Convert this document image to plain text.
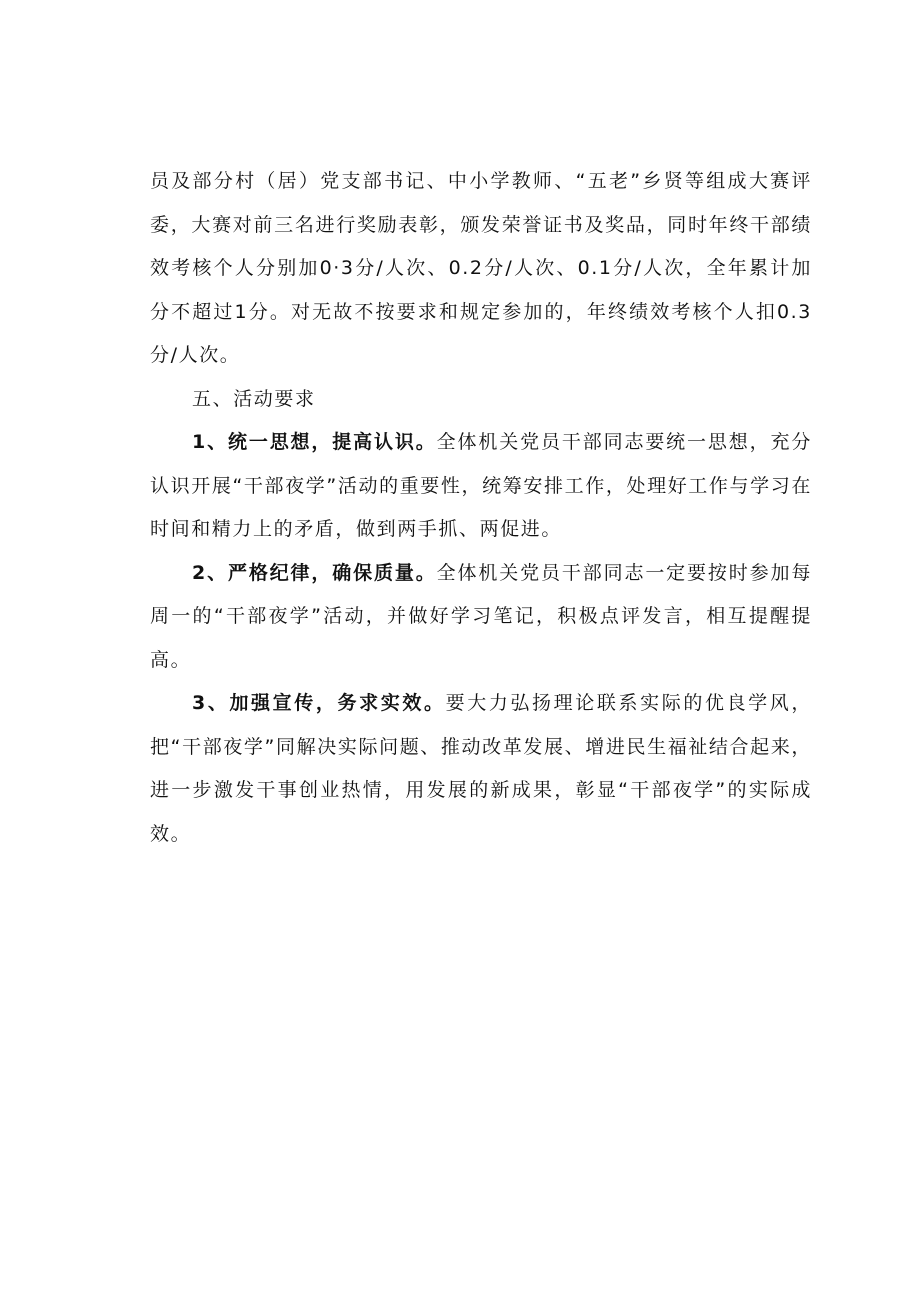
员及部分村（居）党支部书记、中小学教师、“五老”乡贤等组成大赛评委，大赛对前三名进行奖励表彰，颁发荣誉证书及奖品，同时年终干部绩效考核个人分别加0·3分/人次、0.2分/人次、0.1分/人次，全年累计加分不超过1分。对无故不按要求和规定参加的，年终绩效考核个人扣0.3分/人次。

五、活动要求

1、统一思想，提高认识。全体机关党员干部同志要统一思想，充分认识开展“干部夜学”活动的重要性，统筹安排工作，处理好工作与学习在时间和精力上的矛盾，做到两手抓、两促进。

2、严格纪律，确保质量。全体机关党员干部同志一定要按时参加每周一的“干部夜学”活动，并做好学习笔记，积极点评发言，相互提醒提高。

3、加强宣传，务求实效。要大力弘扬理论联系实际的优良学风，把“干部夜学”同解决实际问题、推动改革发展、增进民生福祉结合起来，进一步激发干事创业热情，用发展的新成果，彰显“干部夜学”的实际成效。
